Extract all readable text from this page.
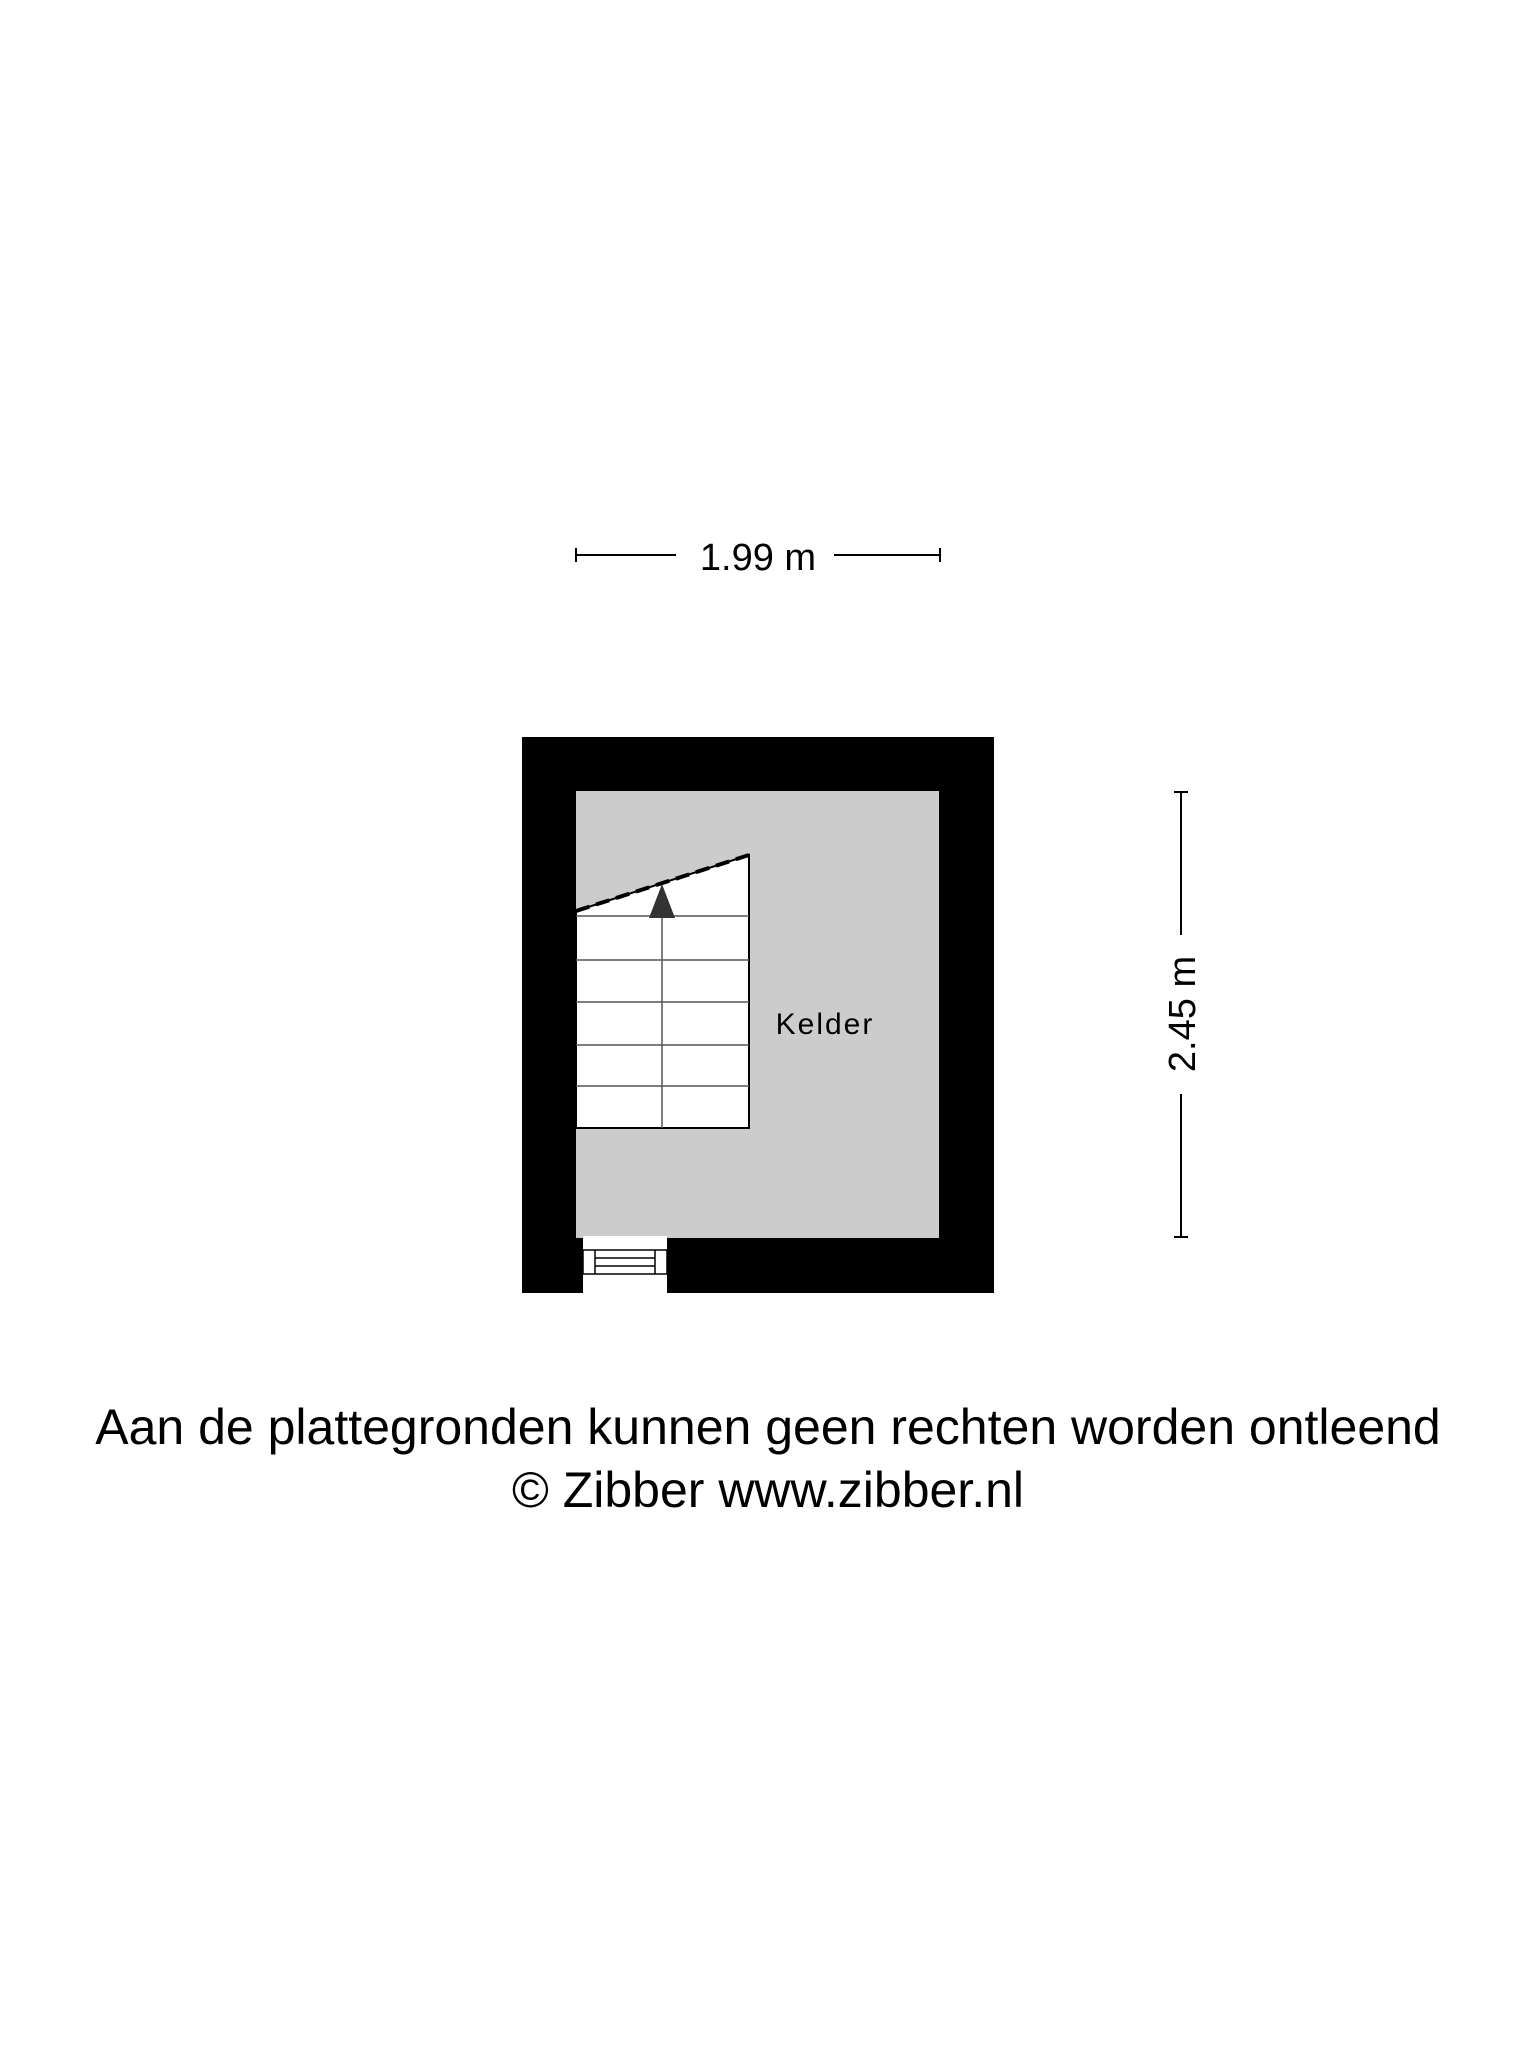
1.99 m
Kelder	2.45 m

Aan de plattegronden kunnen geen rechten worden ontleend

© Zibber www.zibber.nl
